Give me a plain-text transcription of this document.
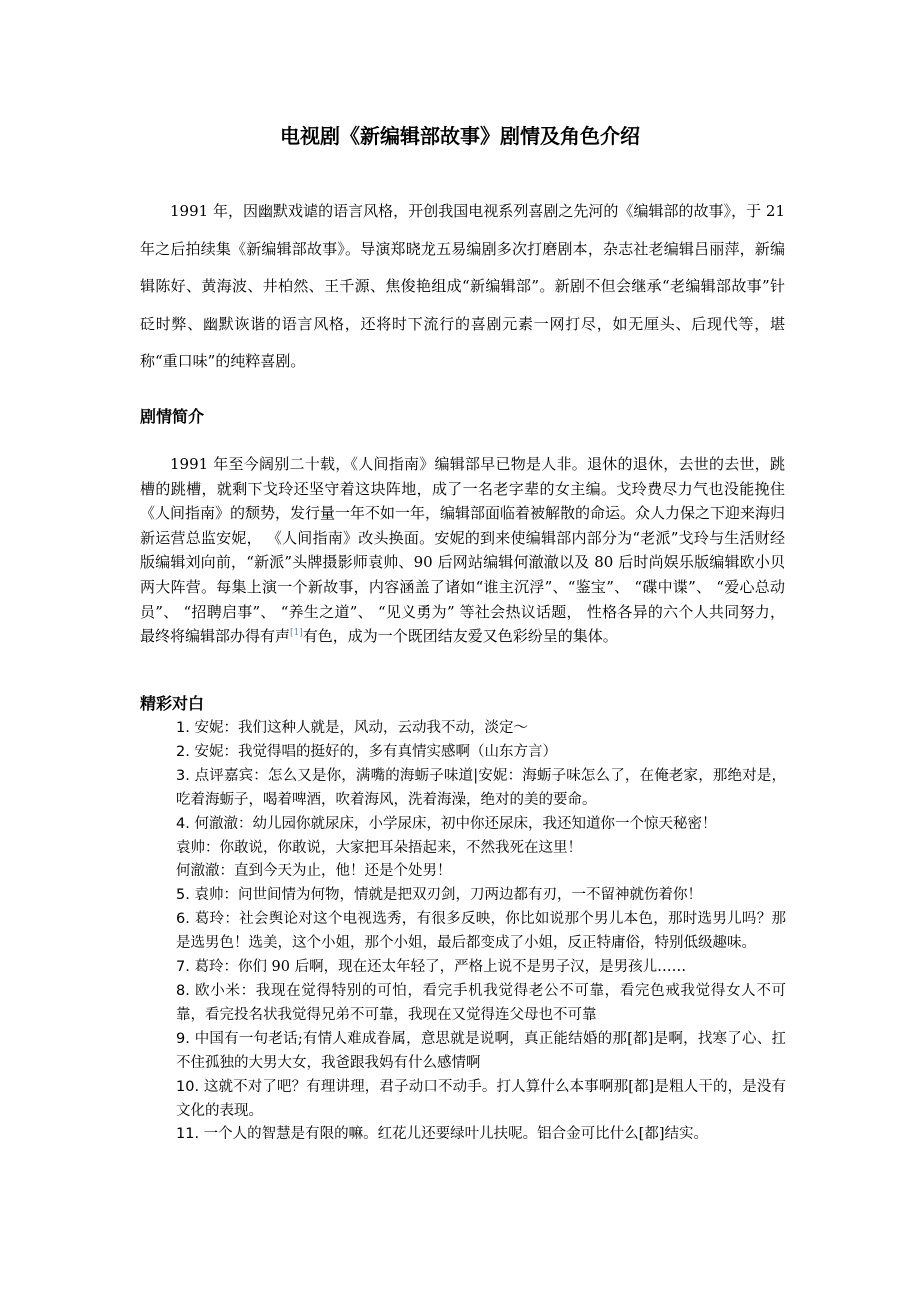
电视剧《新编辑部故事》剧情及角色介绍

1991 年，因幽默戏谑的语言风格，开创我国电视系列喜剧之先河的《编辑部的故事》，于 21 年之后拍续集《新编辑部故事》。导演郑晓龙五易编剧多次打磨剧本，杂志社老编辑吕丽萍，新编辑陈好、黄海波、井柏然、王千源、焦俊艳组成“新编辑部”。新剧不但会继承“老编辑部故事”针砭时弊、幽默诙谐的语言风格，还将时下流行的喜剧元素一网打尽，如无厘头、后现代等，堪称“重口味”的纯粹喜剧。

剧情简介

1991 年至今阔别二十载，《人间指南》编辑部早已物是人非。退休的退休，去世的去世，跳槽的跳槽，就剩下戈玲还坚守着这块阵地，成了一名老字辈的女主编。戈玲费尽力气也没能挽住《人间指南》的颓势，发行量一年不如一年，编辑部面临着被解散的命运。众人力保之下迎来海归新运营总监安妮， 《人间指南》改头换面。安妮的到来使编辑部内部分为“老派”戈玲与生活财经版编辑刘向前，“新派”头牌摄影师袁帅、90 后网站编辑何澈澈以及 80 后时尚娱乐版编辑欧小贝两大阵营。每集上演一个新故事，内容涵盖了诸如“谁主沉浮”、“鉴宝”、 “碟中谍”、 “爱心总动员”、 “招聘启事”、 “养生之道”、 “见义勇为” 等社会热议话题， 性格各异的六个人共同努力，最终将编辑部办得有声[1]有色，成为一个既团结友爱又色彩纷呈的集体。

精彩对白
1. 安妮：我们这种人就是，风动，云动我不动，淡定～
2. 安妮：我觉得唱的挺好的，多有真情实感啊（山东方言）
3. 点评嘉宾：怎么又是你，满嘴的海蛎子味道|安妮：海蛎子味怎么了，在俺老家，那绝对是，吃着海蛎子，喝着啤酒，吹着海风，洗着海澡，绝对的美的要命。
4. 何澈澈：幼儿园你就尿床，小学尿床，初中你还尿床，我还知道你一个惊天秘密！
袁帅：你敢说，你敢说，大家把耳朵捂起来，不然我死在这里！
何澈澈：直到今天为止，他！还是个处男！
5. 袁帅：问世间情为何物，情就是把双刃剑，刀两边都有刃，一不留神就伤着你！
6. 葛玲：社会舆论对这个电视选秀，有很多反映，你比如说那个男儿本色，那时选男儿吗？那是选男色！选美，这个小姐，那个小姐，最后都变成了小姐，反正特庸俗，特别低级趣味。
7. 葛玲：你们 90 后啊，现在还太年轻了，严格上说不是男子汉，是男孩儿……
8. 欧小米：我现在觉得特别的可怕，看完手机我觉得老公不可靠，看完色戒我觉得女人不可靠，看完投名状我觉得兄弟不可靠，我现在又觉得连父母也不可靠
9. 中国有一句老话;有情人难成眷属，意思就是说啊，真正能结婚的那[都]是啊，找寒了心、扛不住孤独的大男大女，我爸跟我妈有什么感情啊
10. 这就不对了吧？有理讲理，君子动口不动手。打人算什么本事啊那[都]是粗人干的，是没有文化的表现。
11. 一个人的智慧是有限的嘛。红花儿还要绿叶儿扶呢。铝合金可比什么[都]结实。
